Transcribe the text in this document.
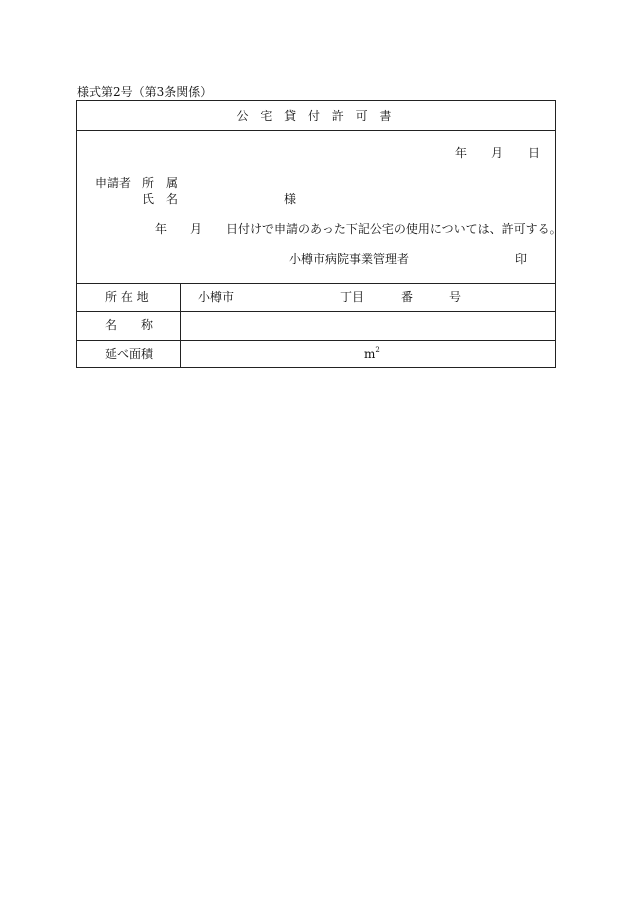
様式第2号（第3条関係）
公 宅 貸 付 許 可 書
年 月 日
申請者 所　属
氏　名	様
年 月 日付けで申請のあった下記公宅の使用については、許可する。
小樽市病院事業管理者	印
所 在 地	小樽市	丁目	番	号
名　　称
延べ面積	$m^2$
